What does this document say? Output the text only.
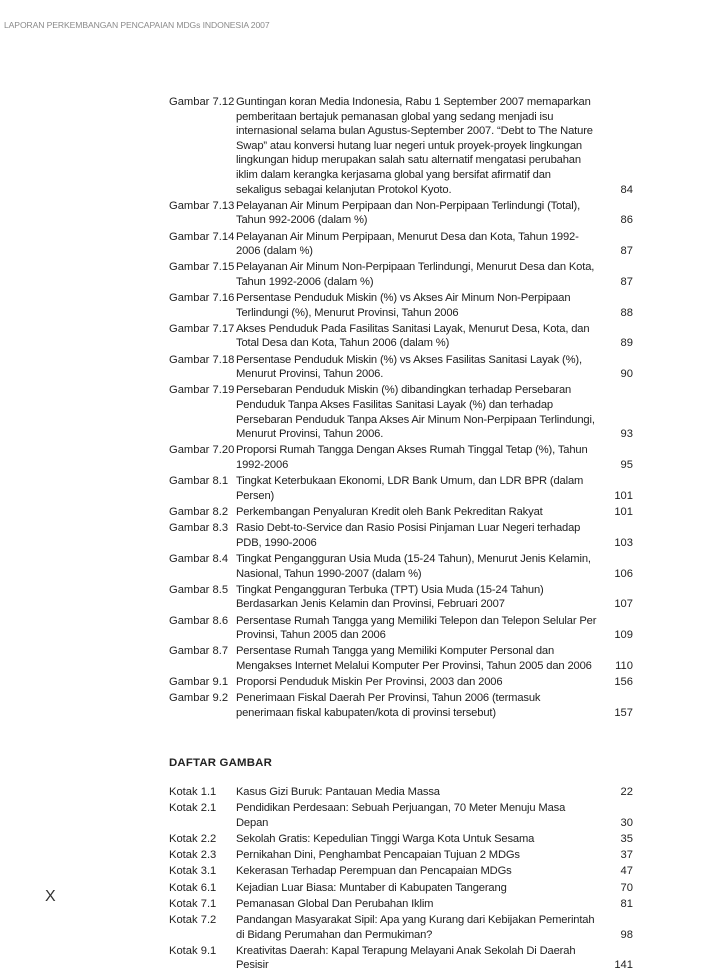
LAPORAN PERKEMBANGAN PENCAPAIAN MDGs INDONESIA 2007
Gambar 7.12 Guntingan koran Media Indonesia, Rabu 1 September 2007 memaparkan pemberitaan bertajuk pemanasan global yang sedang menjadi isu internasional selama bulan Agustus-September 2007. “Debt to The Nature Swap” atau konversi hutang luar negeri untuk proyek-proyek lingkungan lingkungan hidup merupakan salah satu alternatif mengatasi perubahan iklim dalam kerangka kerjasama global yang bersifat afirmatif dan sekaligus sebagai kelanjutan Protokol Kyoto.	84
Gambar 7.13 Pelayanan Air Minum Perpipaan dan Non-Perpipaan Terlindungi (Total), Tahun 992-2006 (dalam %)	86
Gambar 7.14 Pelayanan Air Minum Perpipaan, Menurut Desa dan Kota, Tahun 1992-2006 (dalam %)	87
Gambar 7.15 Pelayanan Air Minum Non-Perpipaan Terlindungi, Menurut Desa dan Kota, Tahun 1992-2006 (dalam %)	87
Gambar 7.16 Persentase Penduduk Miskin (%) vs Akses Air Minum Non-Perpipaan Terlindungi (%), Menurut Provinsi, Tahun 2006	88
Gambar 7.17 Akses Penduduk Pada Fasilitas Sanitasi Layak, Menurut Desa, Kota, dan Total Desa dan Kota, Tahun 2006 (dalam %)	89
Gambar 7.18 Persentase Penduduk Miskin (%) vs Akses Fasilitas Sanitasi Layak (%), Menurut Provinsi, Tahun 2006.	90
Gambar 7.19 Persebaran Penduduk Miskin (%) dibandingkan terhadap Persebaran Penduduk Tanpa Akses Fasilitas Sanitasi Layak (%) dan terhadap Persebaran Penduduk Tanpa Akses Air Minum Non-Perpipaan Terlindungi, Menurut Provinsi, Tahun 2006.	93
Gambar 7.20 Proporsi Rumah Tangga Dengan Akses Rumah Tinggal Tetap (%), Tahun 1992-2006	95
Gambar 8.1 Tingkat Keterbukaan Ekonomi, LDR Bank Umum, dan LDR BPR (dalam Persen)	101
Gambar 8.2 Perkembangan Penyaluran Kredit oleh Bank Pekreditan Rakyat	101
Gambar 8.3 Rasio Debt-to-Service dan Rasio Posisi Pinjaman Luar Negeri terhadap PDB, 1990-2006	103
Gambar 8.4 Tingkat Pengangguran Usia Muda (15-24 Tahun), Menurut Jenis Kelamin, Nasional, Tahun 1990-2007 (dalam %)	106
Gambar 8.5 Tingkat Pengangguran Terbuka (TPT) Usia Muda (15-24 Tahun) Berdasarkan Jenis Kelamin dan Provinsi, Februari 2007	107
Gambar 8.6 Persentase Rumah Tangga yang Memiliki Telepon dan Telepon Selular Per Provinsi, Tahun 2005 dan 2006	109
Gambar 8.7 Persentase Rumah Tangga yang Memiliki Komputer Personal dan Mengakses Internet Melalui Komputer Per Provinsi, Tahun 2005 dan 2006	110
Gambar 9.1 Proporsi Penduduk Miskin Per Provinsi, 2003 dan 2006	156
Gambar 9.2 Penerimaan Fiskal Daerah Per Provinsi, Tahun 2006 (termasuk penerimaan fiskal kabupaten/kota di provinsi tersebut)	157
DAFTAR GAMBAR
Kotak 1.1	Kasus Gizi Buruk: Pantauan Media Massa	22
Kotak 2.1	Pendidikan Perdesaan: Sebuah Perjuangan, 70 Meter Menuju Masa Depan	30
Kotak 2.2	Sekolah Gratis: Kepedulian Tinggi Warga Kota Untuk Sesama	35
Kotak 2.3	Pernikahan Dini, Penghambat Pencapaian Tujuan 2 MDGs	37
Kotak 3.1	Kekerasan Terhadap Perempuan dan Pencapaian MDGs	47
Kotak 6.1	Kejadian Luar Biasa: Muntaber di Kabupaten Tangerang	70
Kotak 7.1	Pemanasan Global Dan Perubahan Iklim	81
Kotak 7.2	Pandangan Masyarakat Sipil: Apa yang Kurang dari Kebijakan Pemerintah di Bidang Perumahan dan Permukiman?	98
Kotak 9.1	Kreativitas Daerah: Kapal Terapung Melayani Anak Sekolah Di Daerah Pesisir	141
X
